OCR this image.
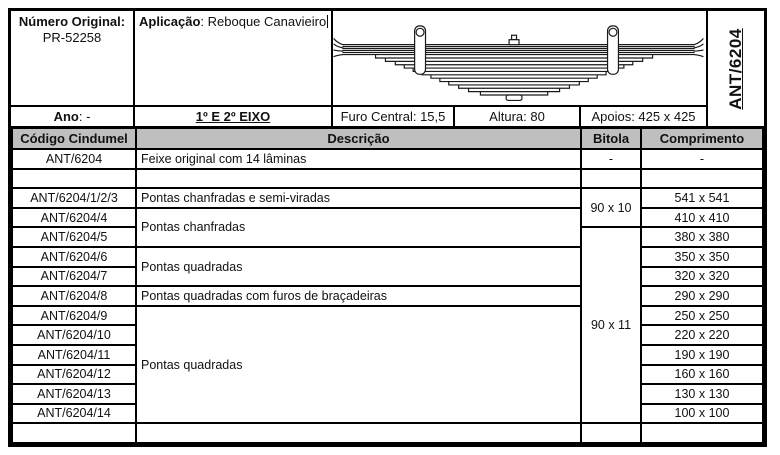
Número Original:
PR-52258
Aplicação: Reboque Canavieiro
Ano: -	1º E 2º EIXO	Furo Central: 15,5	Altura: 80	Apoios: 425 x 425
ANT/6204
Código Cindumel	Descrição	Bitola	Comprimento
ANT/6204	Feixe original com 14 lâminas	-	-

ANT/6204/1/2/3	Pontas chanfradas e semi-viradas	90 x 10	541 x 541
ANT/6204/4	Pontas chanfradas		410 x 410
ANT/6204/5		90 x 11	380 x 380
ANT/6204/6	Pontas quadradas		350 x 350
ANT/6204/7			320 x 320
ANT/6204/8	Pontas quadradas com furos de braçadeiras		290 x 290
ANT/6204/9	Pontas quadradas		250 x 250
ANT/6204/10			220 x 220
ANT/6204/11			190 x 190
ANT/6204/12			160 x 160
ANT/6204/13			130 x 130
ANT/6204/14			100 x 100
